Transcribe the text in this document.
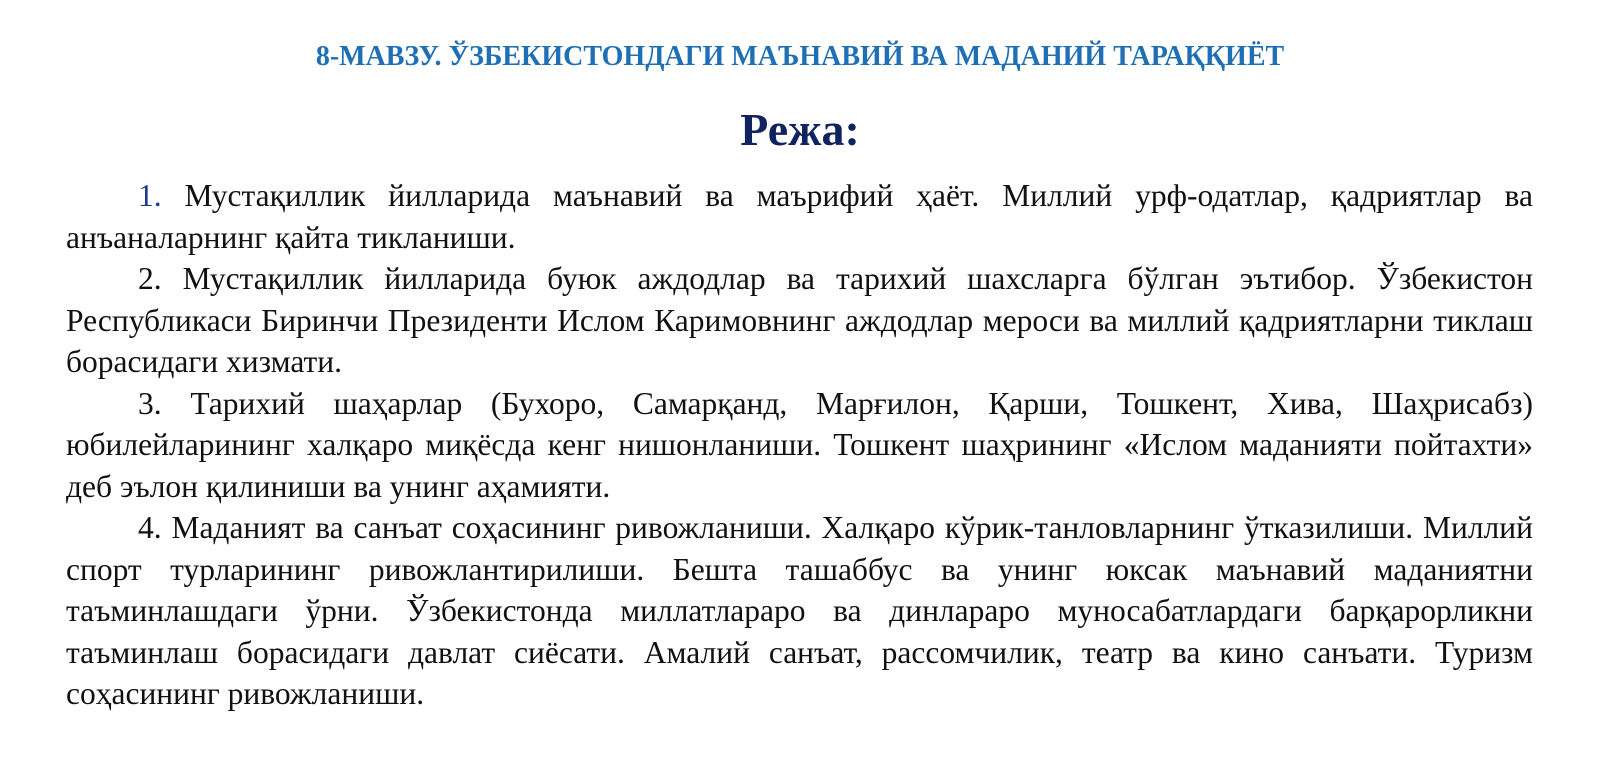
8-МАВЗУ. ЎЗБЕКИСТОНДАГИ МАЪНАВИЙ ВА МАДАНИЙ ТАРАҚҚИЁТ
Режа:
1. Мустақиллик йилларида маънавий ва маърифий ҳаёт. Миллий урф-одатлар, қадриятлар ва анъаналарнинг қайта тикланиши.
2. Мустақиллик йилларида буюк аждодлар ва тарихий шахсларга бўлган эътибор. Ўзбекистон Республикаси Биринчи Президенти Ислом Каримовнинг аждодлар мероси ва миллий қадриятларни тиклаш борасидаги хизмати.
3. Тарихий шаҳарлар (Бухоро, Самарқанд, Марғилон, Қарши, Тошкент, Хива, Шаҳрисабз) юбилейларининг халқаро миқёсда кенг нишонланиши. Тошкент шаҳрининг «Ислом маданияти пойтахти» деб эълон қилиниши ва унинг аҳамияти.
4. Маданият ва санъат соҳасининг ривожланиши. Халқаро кўрик-танловларнинг ўтказилиши. Миллий спорт турларининг ривожлантирилиши. Бешта ташаббус ва унинг юксак маънавий маданиятни таъминлашдаги ўрни. Ўзбекистонда миллатлараро ва динлараро муносабатлардаги барқарорликни таъминлаш борасидаги давлат сиёсати. Амалий санъат, рассомчилик, театр ва кино санъати. Туризм соҳасининг ривожланиши.
